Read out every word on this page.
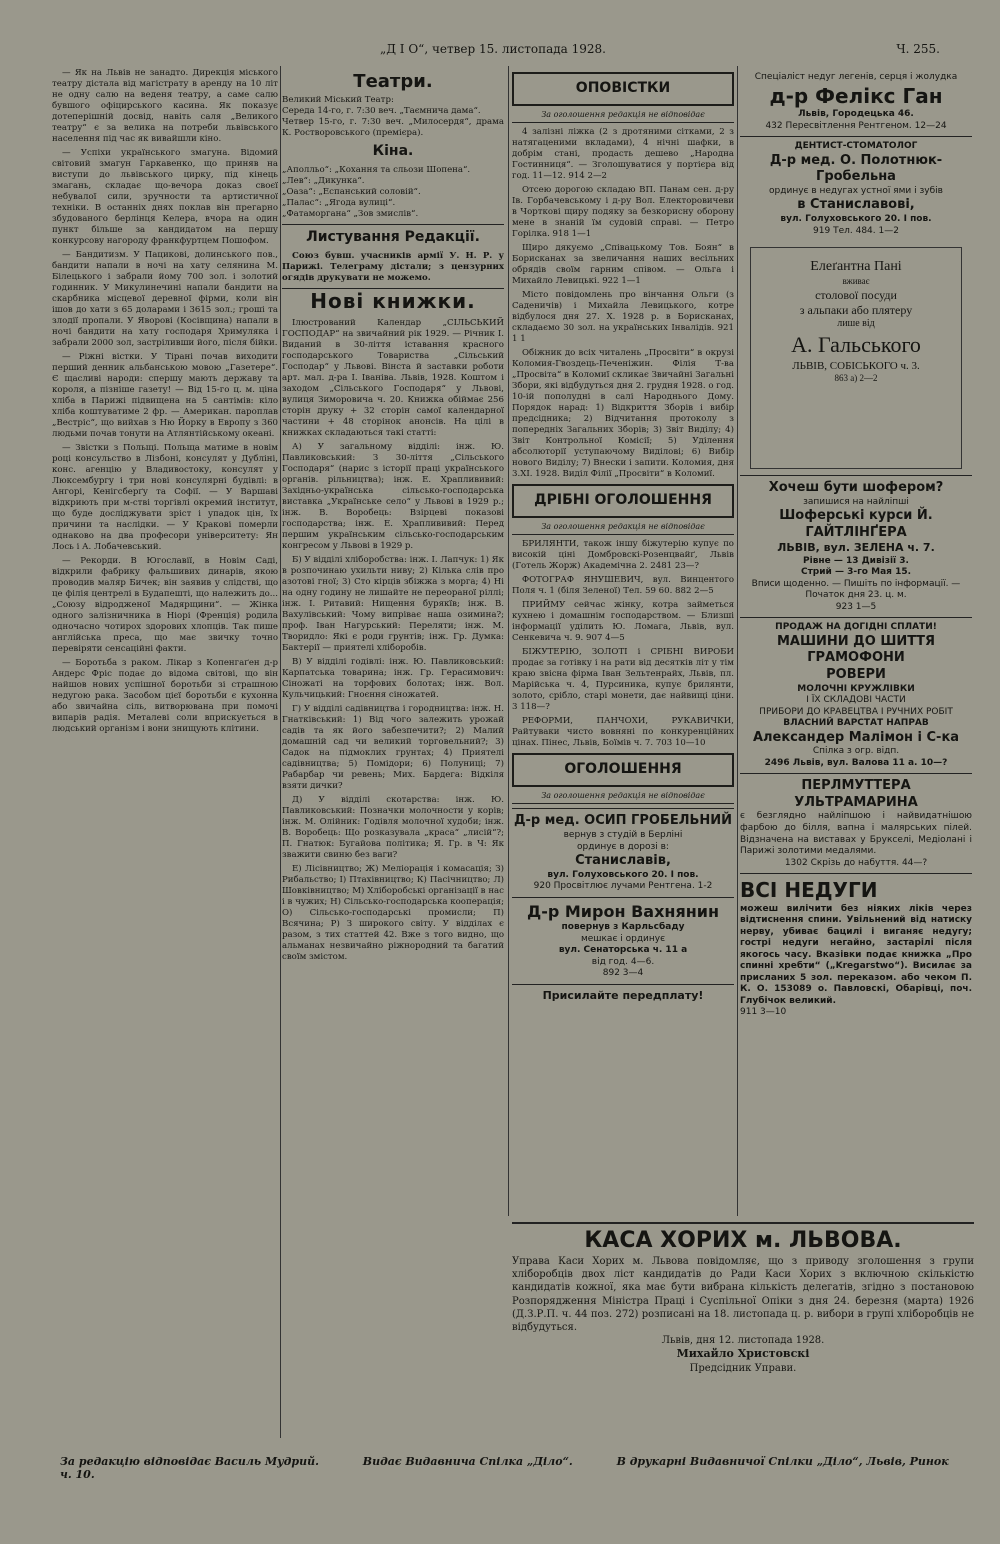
„Д І О“, четвер 15. листопада 1928.	Ч. 255.

— Як на Львів не занадто. Дирекція міського театру дістала від магістрату в аренду на 10 літ не одну салю на веденя театру, а саме салю бувшого офіцирського касина. Як показує дотеперішній досвід, навіть саля „Великого театру“ є за велика на потреби львівського населення під час як вивайшли кіно.

— Успіхи українського змагуна. Відомий світовий змагун Гаркавенко, що приняв на виступи до львівського цирку, під кінець змагань, складає що-вечора доказ своєї небувалої сили, зручности та артистичної техніки. В останніх днях поклав він прегарно збудованого берлінця Келера, вчора на один пункт більше за кандидатом на першу конкурсову нагороду франкфуртцем Пошофом.

— Бандитизм. У Пацикові, долинського пов., бандити напали в ночі на хату селянина М. Білецького і забрали йому 700 зол. і золотий годинник. У Микулинечині напали бандити на скарбника місцевої деревної фірми, коли він ішов до хати з 65 доларами і 3615 зол.; гроші та злодії пропали. У Яворові (Косівщина) напали в ночі бандити на хату господаря Хримуляка і забрали 2000 зол, застріливши його, після бійки.

— Ріжні вістки. У Тірані почав виходити перший денник альбанською мовою „Газетере“. Є щасливі народи: спершу мають державу та короля, а пізніше газету! — Від 15-го ц. м. ціна хліба в Парижі підвищена на 5 сантімів: кіло хліба коштуватиме 2 фр. — Американ. пароплав „Вестріс“, що вийхав з Ню Йорку в Европу з 360 людьми почав тонути на Атлянтійському океані.

— Звістки з Польщі. Польща матиме в новім році консульство в Лізбоні, консулят у Дубліні, конс. агенцію у Владивостоку, консулят у Люксембургу і три нові консулярні будівлі: в Ангорі, Кенігсберґу та Софії. — У Варшаві відкриють при м-стві торгівлі окремий інститут, що буде досліджувати зріст і упадок цін, їх причини та наслідки. — У Кракові померли однаково на два професори університету: Ян Лось і А. Лобачевський.

— Рекорди. В Югославії, в Новім Саді, відкрили фабрику фальшивих динарів, якою проводив маляр Бичек; він заявив у слідстві, що це філія центрелі в Будапешті, що належить до... „Союзу відродженої Мадярщини“. — Жінка одного залізничника в Ніорі (Френція) родила одночасно чотирох здорових хлопців. Так пише англійська преса, що має звичку точно перевіряти сенсаційні факти.

— Боротьба з раком. Лікар з Копенгаґен д-р Андерс Фріс подає до відома світові, що він найшов нових успішної боротьби зі страшною недугою рака. Засобом цієї боротьби є кухонна або звичайна сіль, витворювана при помочі випарів радія. Металеві соли вприскується в людський організм і вони знищують клітини.

Театри.
Великий Міський Театр:
Середа 14-го, г. 7:30 веч. „Таємнича дама“.
Четвер 15-го, г. 7:30 веч. „Милосердя“, драма К. Ростворовського (премієра).
Кіна.
„Аполльо“: „Кохання та сльози Шопена“.
„Лев“: „Дикунка“.
„Оаза“: „Еспанський соловій“.
„Палас“: „Ягода вулиці“.
„Фатаморгана“ „Зов змислів“.
Листування Редакції.

Союз бувш. учасників армії У. Н. Р. у Парижі. Телеграму дістали; з цензурних огядів друкувати не можемо.

Нові книжки.

Ілюстрований Календар „СІЛЬСЬКИЙ ГОСПОДАР“ на звичайний рік 1929. — Річник I. Виданий в 30-ліття іставання красного господарського Товариства „Сільський Господар“ у Львові. Вінста й заставки роботи арт. мал. д-ра І. Іваніва. Львів, 1928. Коштом і заходом „Сільського Господаря“ у Львові, вулиця Зиморовича ч. 20. Книжка обіймає 256 сторін друку + 32 сторін самої календарної частини + 48 сторінок анонсів. На цілі в книжках складаються такі статті:

А) У загальному відділі: інж. Ю. Павликовський: З 30-ліття „Сільського Господаря“ (нарис з історії праці українського органів. рільництва); інж. Е. Храплививий: Західньо-українська сільсько-господарська виставка „Українське село“ у Львові в 1929 р.; інж. В. Воробець: Взірцеві показові господарства; інж. Е. Храплививий: Перед першим українським сільсько-господарським конгресом у Львові в 1929 р.

Б) У відділі хліборобства: інж. І. Лапчук: 1) Як в розпочинаю ухильти ниву; 2) Кілька слів про азотові гної; 3) Сто кірців збіжжа з морга; 4) Ні на одну годину не лишайте не переораної ріллі; інж. І. Ритавий: Нищення бурякїв; інж. В. Вахулівський: Чому випріває наша озимина?; проф. Іван Нагурський: Переляти; інж. М. Творидло: Які є роди грунтів; інж. Гр. Думка: Бактерії — приятелі хліборобів.

В) У відділі годівлі: інж. Ю. Павликовський: Карпатська товарина; інж. Гр. Герасимович: Сіножаті на торфових болотах; інж. Вол. Кульчицький: Гноєння сіножатей.

Г) У відділі садівництва і городництва: інж. Н. Гнатківський: 1) Від чого залежить урожай садів та як його забезпечити?; 2) Малий домашній сад чи великий торговельний?; 3) Садок на підмоклих грунтах; 4) Приятелі садівництва; 5) Помідори; 6) Полуниці; 7) Рабарбар чи ревень; Мих. Бардега: Відкіля взяти дички?

Д) У відділі скотарства: інж. Ю. Павликовський: Позначки молочности у корів; інж. М. Олійник: Годівля молочної худоби; інж. В. Воробець: Що розказувала „краса“ „лисій“?; П. Гнатюк: Бугайова політика; Я. Гр. в Ч: Як зважити свиню без ваги?

Е) Лісівництво; Ж) Меліорація і комасація; З) Рибальство; І) Птахівництво; К) Пасічництво; Л) Шовківництво; М) Хліборобські організації в нас і в чужих; Н) Сільсько-господарська кооперація; О) Сільсько-господарські промисли; П) Всячина; Р) З широкого світу. У відділах є разом, з тих статтей 42. Вже з того видно, що альманах незвичайно ріжнородний та багатий своїм змістом.

ОПОВІСТКИ
За оголошення редакція не відповідає

4 залізні ліжка (2 з дротяними сітками, 2 з натягаценими вкладами), 4 нічні шафки, в добрім стані, продасть дешево „Народна Гостинниця“. — Зголошуватися у портієра від год. 11—12. 914 2—2

Отсею дорогою складаю ВП. Панам сен. д-ру Ів. Горбачевському і д-ру Вол. Електоровичеви в Чорткові щиру подяку за безкорисну оборону мене в знаній їм судовій справі. — Петро Горілка. 918 1—1

Щиро дякуємо „Співацькому Тов. Боян“ в Борисканах за звеличання наших весільних обрядів своїм гарним співом. — Ольга і Михайло Левицькі. 922 1—1

Місто повідомлень про вінчання Ольги (з Саденичів) і Михайла Левицького, котре відбулося дня 27. X. 1928 р. в Борисканах, складаємо 30 зол. на українських Інвалідів. 921 1 1

Обіжник до всіх читалень „Просвіти“ в окрузі Коломия-Гвоздець-Печеніжин. Філія Т-ва „Просвіта“ в Коломиї скликає Звичайні Загальні Збори, які відбудуться дня 2. грудня 1928. о год. 10-ій пополудні в салі Народнього Дому. Порядок нарад: 1) Відкриття Зборів і вибір предсідника; 2) Відчитання протоколу з попередніх Загальних Зборів; 3) Звіт Виділу; 4) Звіт Контрольної Комісії; 5) Уділення абсолюторії уступаючому Виділові; 6) Вибір нового Виділу; 7) Внески і запити. Коломия, дня 3.XI. 1928. Виділ Філії „Просвіти“ в Коломиї.

ДРІБНІ ОГОЛОШЕННЯ
За оголошення редакція не відповідає

БРИЛЯНТИ, також іншу біжутерію купує по високій ціні Домбровскі-Розенцвайґ, Львів (Готель Жорж) Академічна 2. 2481 23—?

ФОТОГРАФ ЯНУШЕВИЧ, вул. Винцентого Поля ч. 1 (біля Зеленої) Тел. 59 60. 882 2—5

ПРИЙМУ сейчас жінку, котра займеться кухнею і домашнім господарством. — Близші інформації уділить Ю. Ломага, Львів, вул. Сенкевича ч. 9. 907 4—5

БІЖУТЕРІЮ, ЗОЛОТІ і СРІБНІ ВИРОБИ продає за готівку і на рати від десятків літ у тім краю звісна фірма Іван Зельтенрайх, Львів, пл. Марійська ч. 4, Пурсиника, купує брилянти, золото, срібло, старі монети, дає найвищі ціни. 3 118—?

РЕФОРМИ, ПАНЧОХИ, РУКАВИЧКИ, Райтуваки чисто вовняні по конкуренційних цінах. Пінес, Львів, Боїмів ч. 7. 703 10—10

ОГОЛОШЕННЯ
За оголошення редакція не відповідає
Д-р мед. ОСИП ГРОБЕЛЬНИЙ
вернув з студій в Берліні
ординує в дорозі в:
Станиславів,
вул. Голуховського 20. І пов.
920 Просвітлює лучами Рентгена. 1-2
Д-р Мирон Вахнянин
повернув з Карльсбаду
мешкає і ординує
вул. Сенаторська ч. 11 а
від год. 4—6.
892 3—4
Присилайте передплату!
Спеціаліст недуг легенів, серця і жолудка
д-р Фелікс Ган
Львів, Городецька 46.
432 Пересвітлення Рентгеном. 12—24
ДЕНТИСТ-СТОМАТОЛОГ
Д-р мед. О. Полотнюк-Гробельна
ординує в недугах устної ями і зубів
в Станиславові,
вул. Голуховського 20. І пов.
919 Тел. 484. 1—2
Елеґантна Пані
вживає
столової посуди
з альпаки або плятеру
лише від
А. Гальського
ЛЬВІВ, СОБІСЬКОГО ч. 3.
863 а) 2—2
Хочеш бути шофером?
запишися на найліпші
Шоферські курси Й. ГАЙТЛІНҐЕРА
ЛЬВІВ, вул. ЗЕЛЕНА ч. 7.
Рівне — 13 Дивізії 3.
Стрий — 3-го Мая 15.
Вписи щоденно. — Пишіть по інформації. — Початок дня 23. ц. м.
923 1—5
ПРОДАЖ НА ДОГІДНІ СПЛАТИ!
МАШИНИ ДО ШИТТЯ
ГРАМОФОНИ
РОВЕРИ
МОЛОЧНІ КРУЖЛІВКИ
І ЇХ СКЛАДОВІ ЧАСТИ
ПРИБОРИ ДО КРАВЕЦТВА І РУЧНИХ РОБІТ
ВЛАСНИЙ ВАРСТАТ НАПРАВ
Александер Малімон і С-ка
Спілка з огр. відп.
2496 Львів, вул. Валова 11 а. 10—?
ПЕРЛМУТТЕРА УЛЬТРАМАРИНА
є безглядно найліпшою і найвидатнішою фарбою до білля, вапна і малярських пілей. Відзначена на виставах у Брукселі, Медіолані і Парижі золотими медалями.
1302 Скрізь до набуття. 44—?
ВСІ НЕДУГИ
можеш вилічити без ніяких ліків через відтиснення спини. Увільнений від натиску нерву, убиває бацилі і виганяє недугу; гострі недуги негайно, застарілі після якогось часу. Вказівки подає книжка „Про спинні хребти“ („Kregarstwo“). Висилає за присланих 5 зол. переказом. або чеком П. К. О. 153089 о. Павловскі, Обарівці, поч. Глубічок великий.
911 3—10
КАСА ХОРИХ м. ЛЬВОВА.
Управа Каси Хорих м. Львова повідомляє, що з приводу зголошення з групи хліборобців двох ліст кандидатів до Ради Каси Хорих з включною скількістю кандидатів кожної, яка має бути вибрана кількість делегатів, згідно з постановою Розпорядження Міністра Праці і Суспільної Опіки з дня 24. березня (марта) 1926 (Д.З.Р.П. ч. 44 поз. 272) розписані на 18. листопада ц. р. вибори в групі хліборобців не відбудуться.
Львів, дня 12. листопада 1928.
Михайло Христовскі
Предсідник Управи.
За редакцію відповідає Василь Мудрий.	Видає Видавнича Спілка „Діло“.	В друкарні Видавничої Спілки „Діло“, Львів, Ринок ч. 10.
